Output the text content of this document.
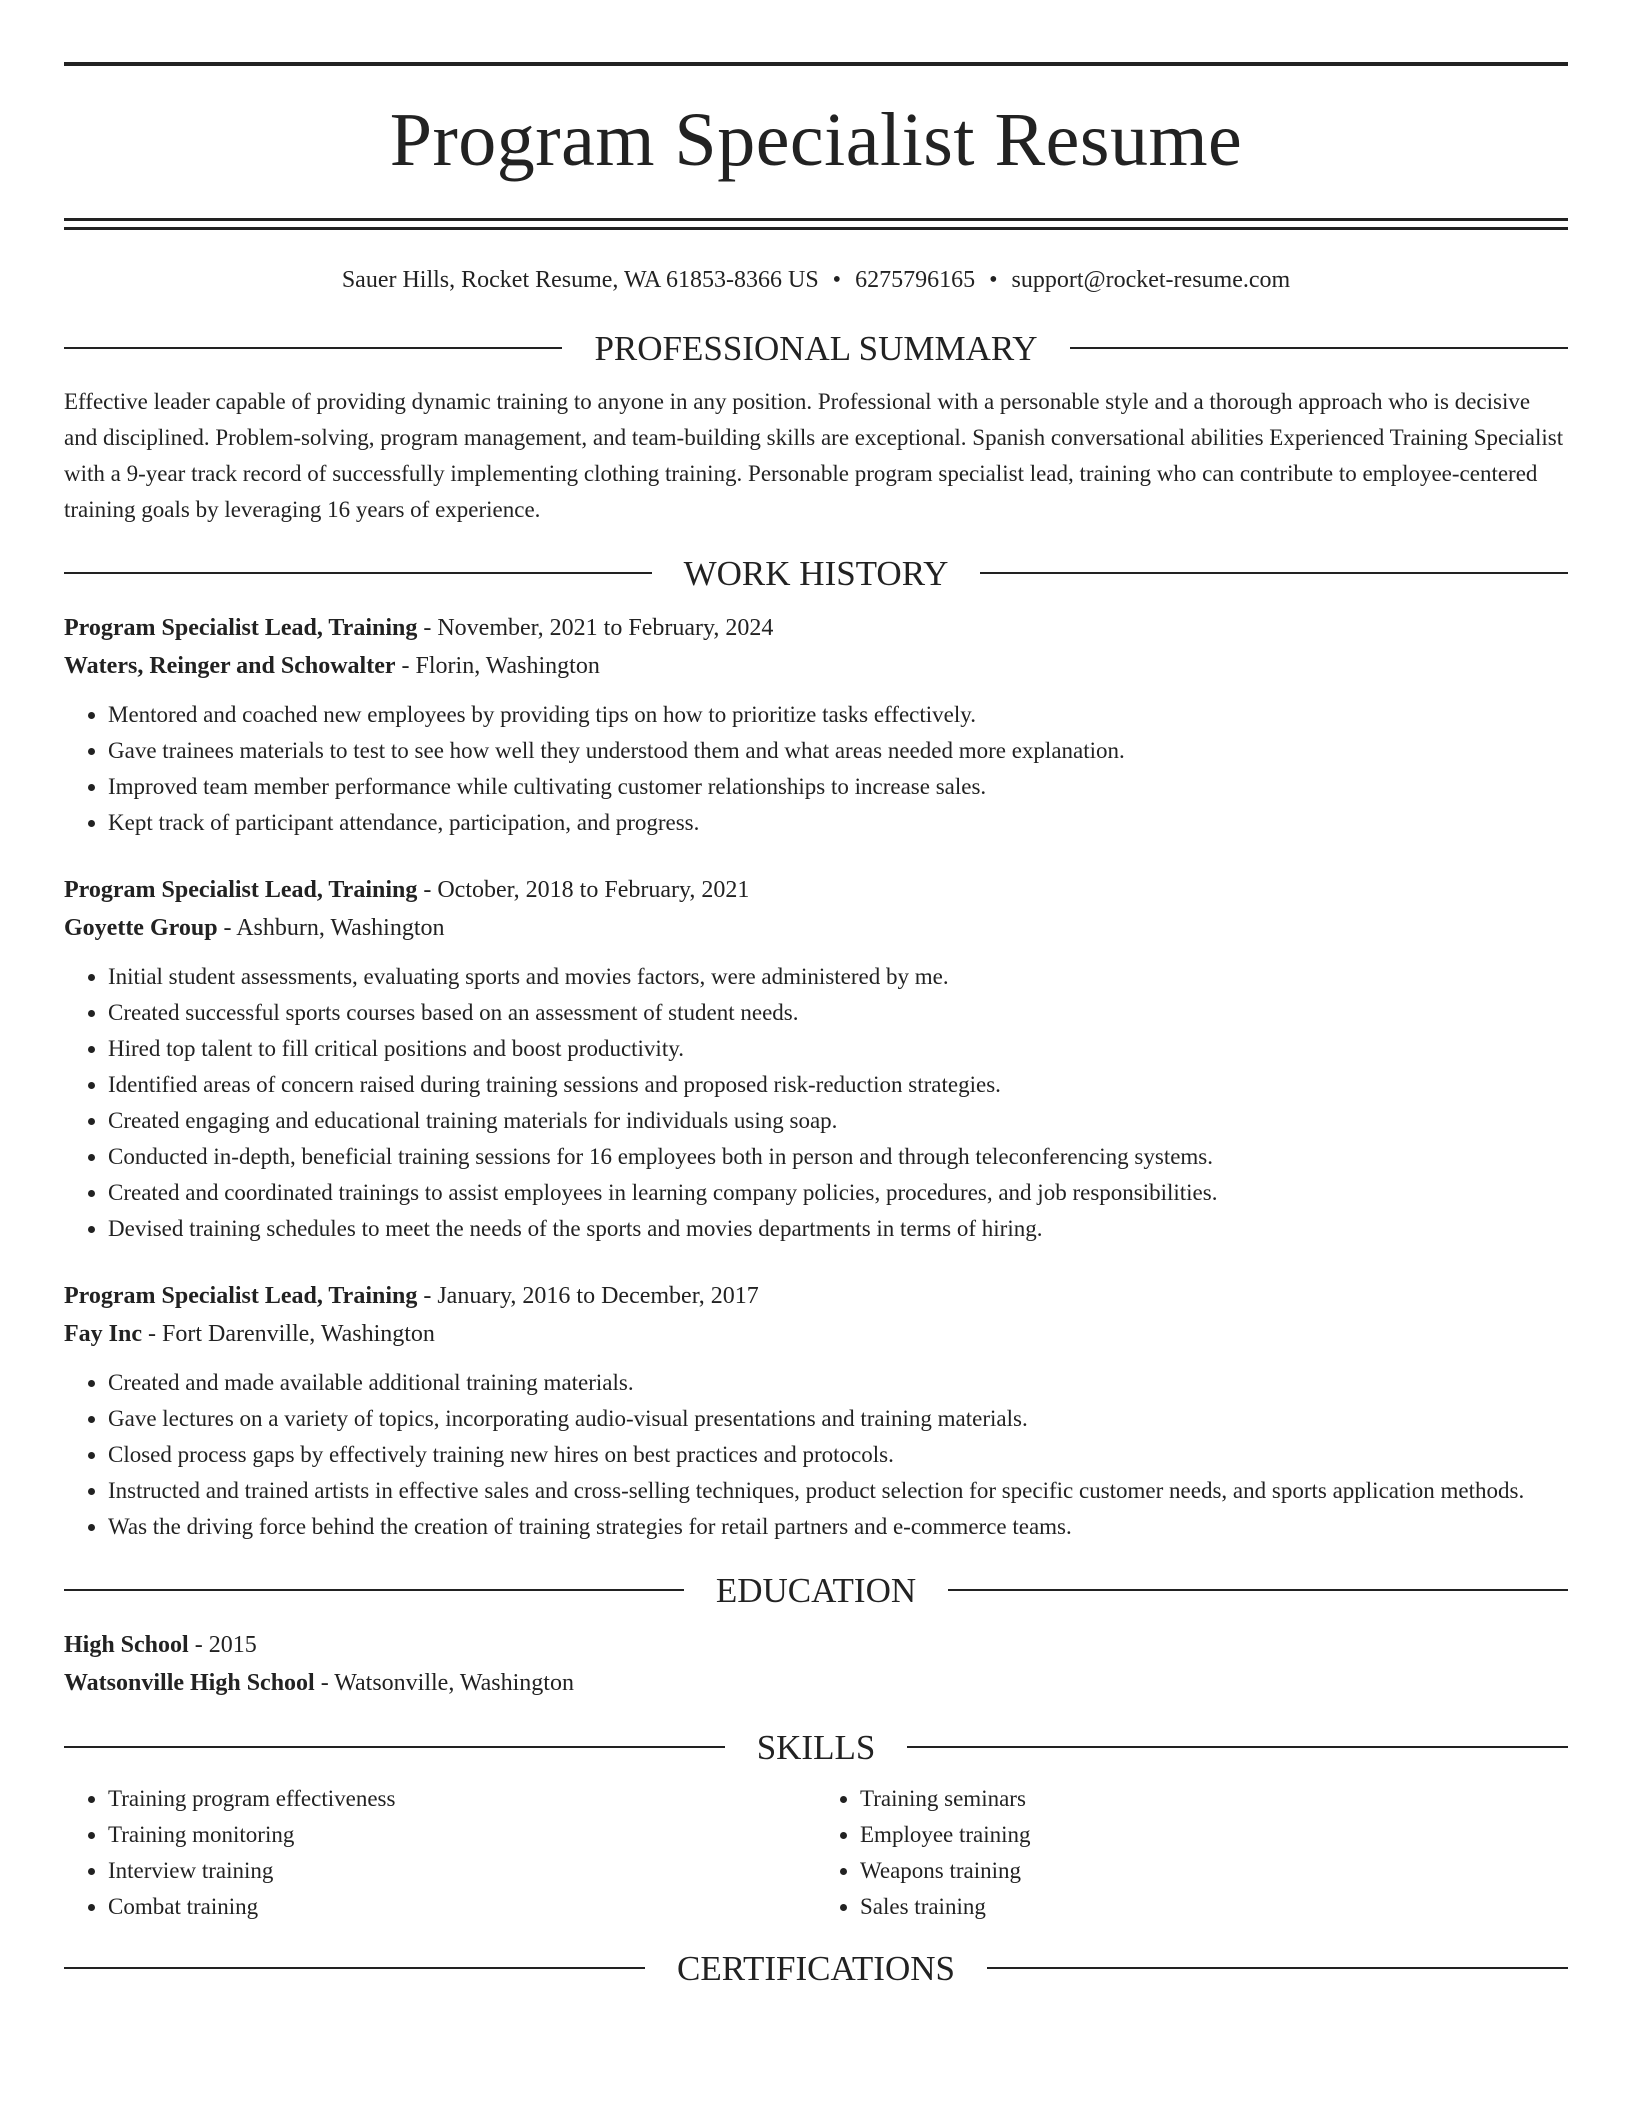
Program Specialist Resume
Sauer Hills, Rocket Resume, WA 61853-8366 US • 6275796165 • support@rocket-resume.com
PROFESSIONAL SUMMARY
Effective leader capable of providing dynamic training to anyone in any position. Professional with a personable style and a thorough approach who is decisive and disciplined. Problem-solving, program management, and team-building skills are exceptional. Spanish conversational abilities Experienced Training Specialist with a 9-year track record of successfully implementing clothing training. Personable program specialist lead, training who can contribute to employee-centered training goals by leveraging 16 years of experience.
WORK HISTORY
Program Specialist Lead, Training - November, 2021 to February, 2024
Waters, Reinger and Schowalter - Florin, Washington
• Mentored and coached new employees by providing tips on how to prioritize tasks effectively.
• Gave trainees materials to test to see how well they understood them and what areas needed more explanation.
• Improved team member performance while cultivating customer relationships to increase sales.
• Kept track of participant attendance, participation, and progress.
Program Specialist Lead, Training - October, 2018 to February, 2021
Goyette Group - Ashburn, Washington
• Initial student assessments, evaluating sports and movies factors, were administered by me.
• Created successful sports courses based on an assessment of student needs.
• Hired top talent to fill critical positions and boost productivity.
• Identified areas of concern raised during training sessions and proposed risk-reduction strategies.
• Created engaging and educational training materials for individuals using soap.
• Conducted in-depth, beneficial training sessions for 16 employees both in person and through teleconferencing systems.
• Created and coordinated trainings to assist employees in learning company policies, procedures, and job responsibilities.
• Devised training schedules to meet the needs of the sports and movies departments in terms of hiring.
Program Specialist Lead, Training - January, 2016 to December, 2017
Fay Inc - Fort Darenville, Washington
• Created and made available additional training materials.
• Gave lectures on a variety of topics, incorporating audio-visual presentations and training materials.
• Closed process gaps by effectively training new hires on best practices and protocols.
• Instructed and trained artists in effective sales and cross-selling techniques, product selection for specific customer needs, and sports application methods.
• Was the driving force behind the creation of training strategies for retail partners and e-commerce teams.
EDUCATION
High School - 2015
Watsonville High School - Watsonville, Washington
SKILLS
• Training program effectiveness
• Training monitoring
• Interview training
• Combat training
• Training seminars
• Employee training
• Weapons training
• Sales training
CERTIFICATIONS
